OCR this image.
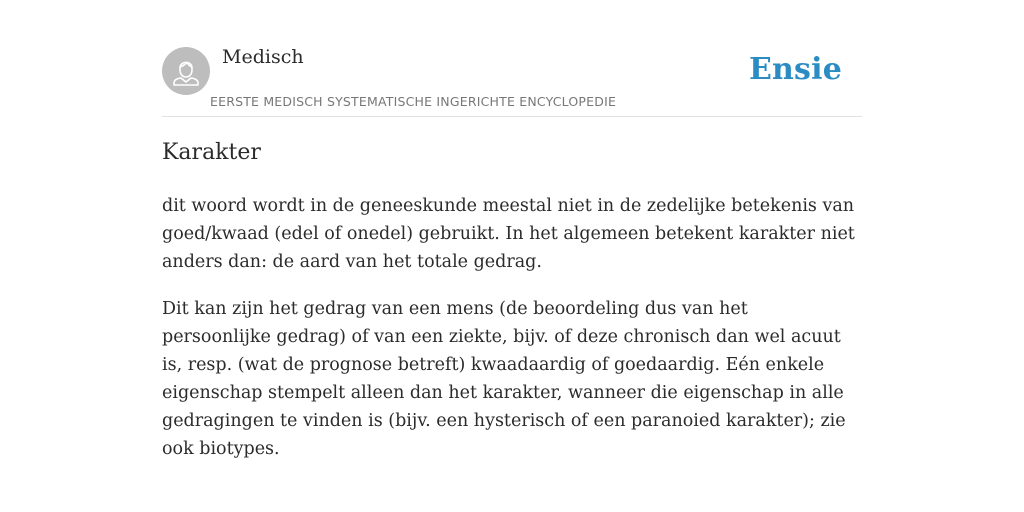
Medisch
EERSTE MEDISCH SYSTEMATISCHE INGERICHTE ENCYCLOPEDIE
Ensie
Karakter

dit woord wordt in de geneeskunde meestal niet in de zedelijke betekenis van goed/kwaad (edel of onedel) gebruikt. In het algemeen betekent karakter niet anders dan: de aard van het totale gedrag.

Dit kan zijn het gedrag van een mens (de beoordeling dus van het persoonlijke gedrag) of van een ziekte, bijv. of deze chronisch dan wel acuut is, resp. (wat de prognose betreft) kwaadaardig of goedaardig. Eén enkele eigenschap stempelt alleen dan het karakter, wanneer die eigenschap in alle gedragingen te vinden is (bijv. een hysterisch of een paranoied karakter); zie ook biotypes.
